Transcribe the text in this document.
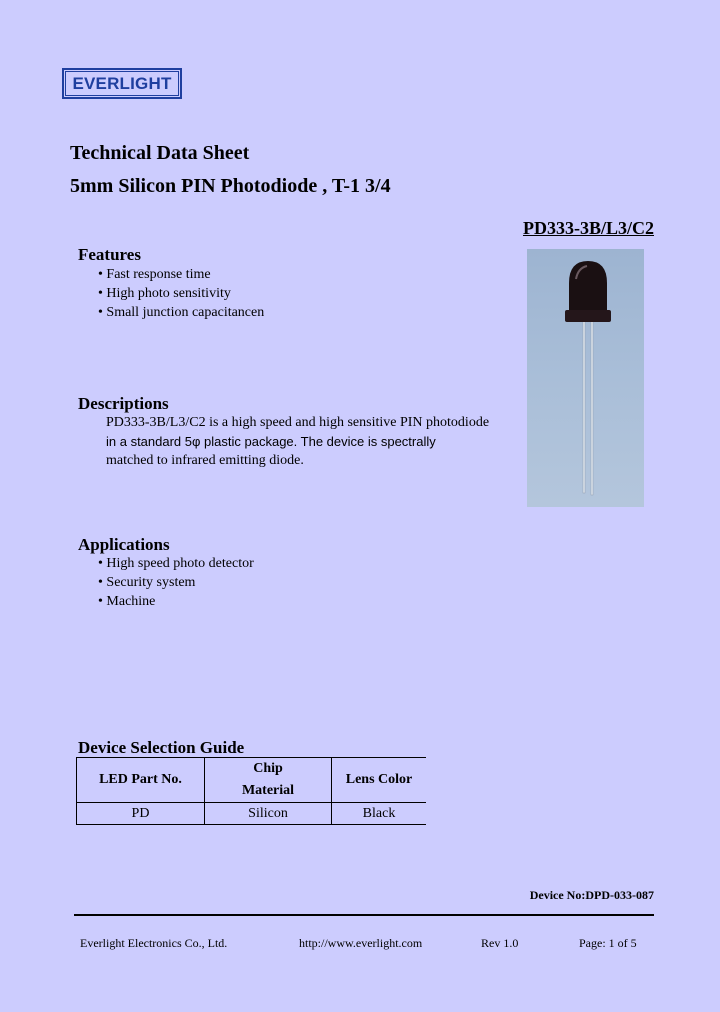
EVERLIGHT
Technical Data Sheet
5mm Silicon PIN Photodiode , T-1 3/4
PD333-3B/L3/C2
Features
• Fast response time
• High photo sensitivity
• Small junction capacitancen
Descriptions
PD333-3B/L3/C2 is a high speed and high sensitive PIN photodiode
in a standard 5φ plastic package. The device is spectrally
matched to infrared emitting diode.
Applications
• High speed photo detector
• Security system
• Machine
Device Selection Guide
LED Part No.	Chip Material	Lens Color
PD	Silicon	Black
Device No:DPD-033-087
Everlight Electronics Co., Ltd.	http://www.everlight.com	Rev 1.0	Page: 1 of 5
